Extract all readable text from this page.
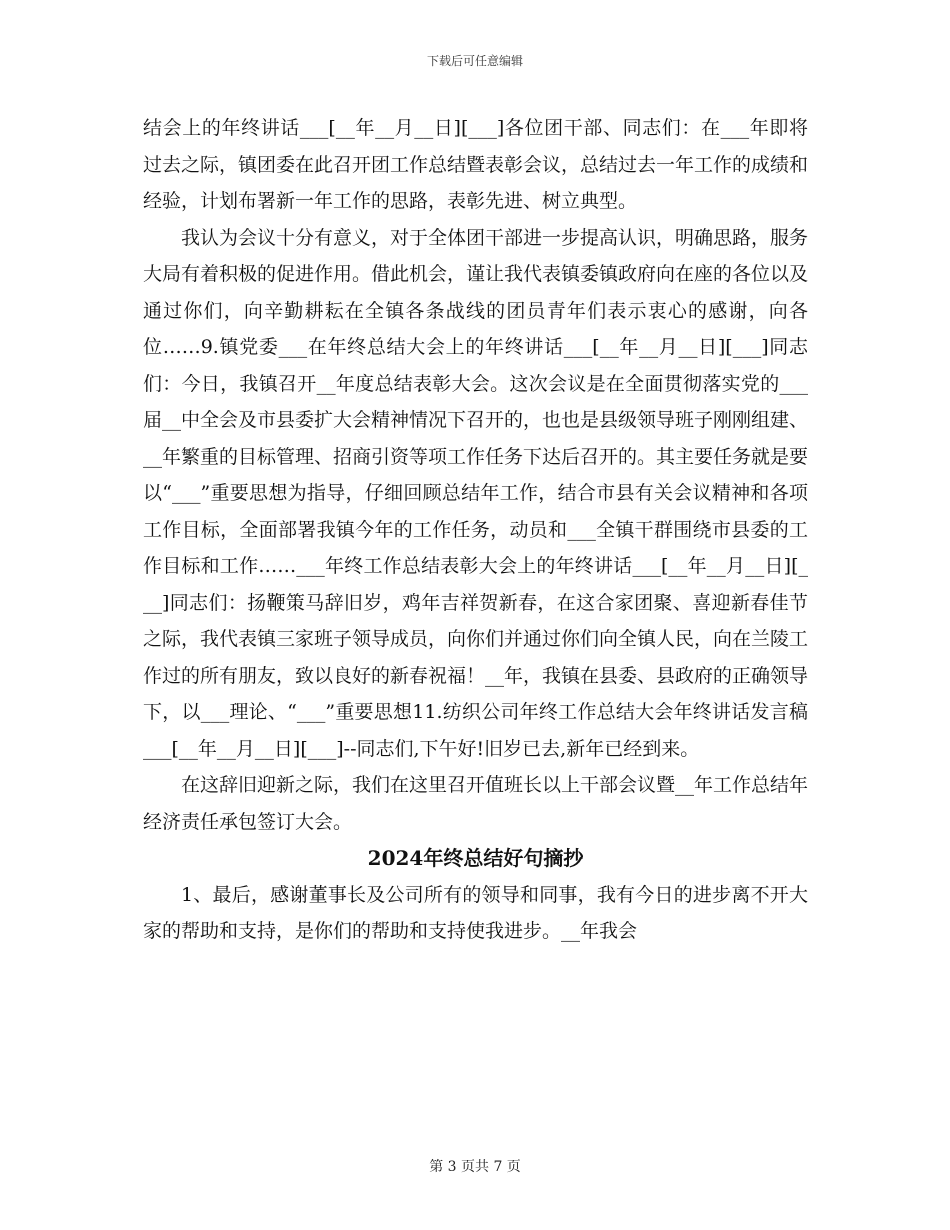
下载后可任意编辑

结会上的年终讲话___[__年__月__日][___]各位团干部、同志们：在___年即将过去之际，镇团委在此召开团工作总结暨表彰会议，总结过去一年工作的成绩和经验，计划布署新一年工作的思路，表彰先进、树立典型。

我认为会议十分有意义，对于全体团干部进一步提高认识，明确思路，服务大局有着积极的促进作用。借此机会，谨让我代表镇委镇政府向在座的各位以及通过你们，向辛勤耕耘在全镇各条战线的团员青年们表示衷心的感谢，向各位……9.镇党委___在年终总结大会上的年终讲话___[__年__月__日][___]同志们：今日，我镇召开__年度总结表彰大会。这次会议是在全面贯彻落实党的___届__中全会及市县委扩大会精神情况下召开的，也也是县级领导班子刚刚组建、__年繁重的目标管理、招商引资等项工作任务下达后召开的。其主要任务就是要以“___”重要思想为指导，仔细回顾总结年工作，结合市县有关会议精神和各项工作目标，全面部署我镇今年的工作任务，动员和___全镇干群围绕市县委的工作目标和工作……___年终工作总结表彰大会上的年终讲话___[__年__月__日][___]同志们：扬鞭策马辞旧岁，鸡年吉祥贺新春，在这合家团聚、喜迎新春佳节之际，我代表镇三家班子领导成员，向你们并通过你们向全镇人民，向在兰陵工作过的所有朋友，致以良好的新春祝福！__年，我镇在县委、县政府的正确领导下，以___理论、“___”重要思想11.纺织公司年终工作总结大会年终讲话发言稿___[__年__月__日][___]--同志们,下午好!旧岁已去,新年已经到来。

在这辞旧迎新之际，我们在这里召开值班长以上干部会议暨__年工作总结年经济责任承包签订大会。

2024年终总结好句摘抄

1、最后，感谢董事长及公司所有的领导和同事，我有今日的进步离不开大家的帮助和支持，是你们的帮助和支持使我进步。__年我会

第 3 页共 7 页
